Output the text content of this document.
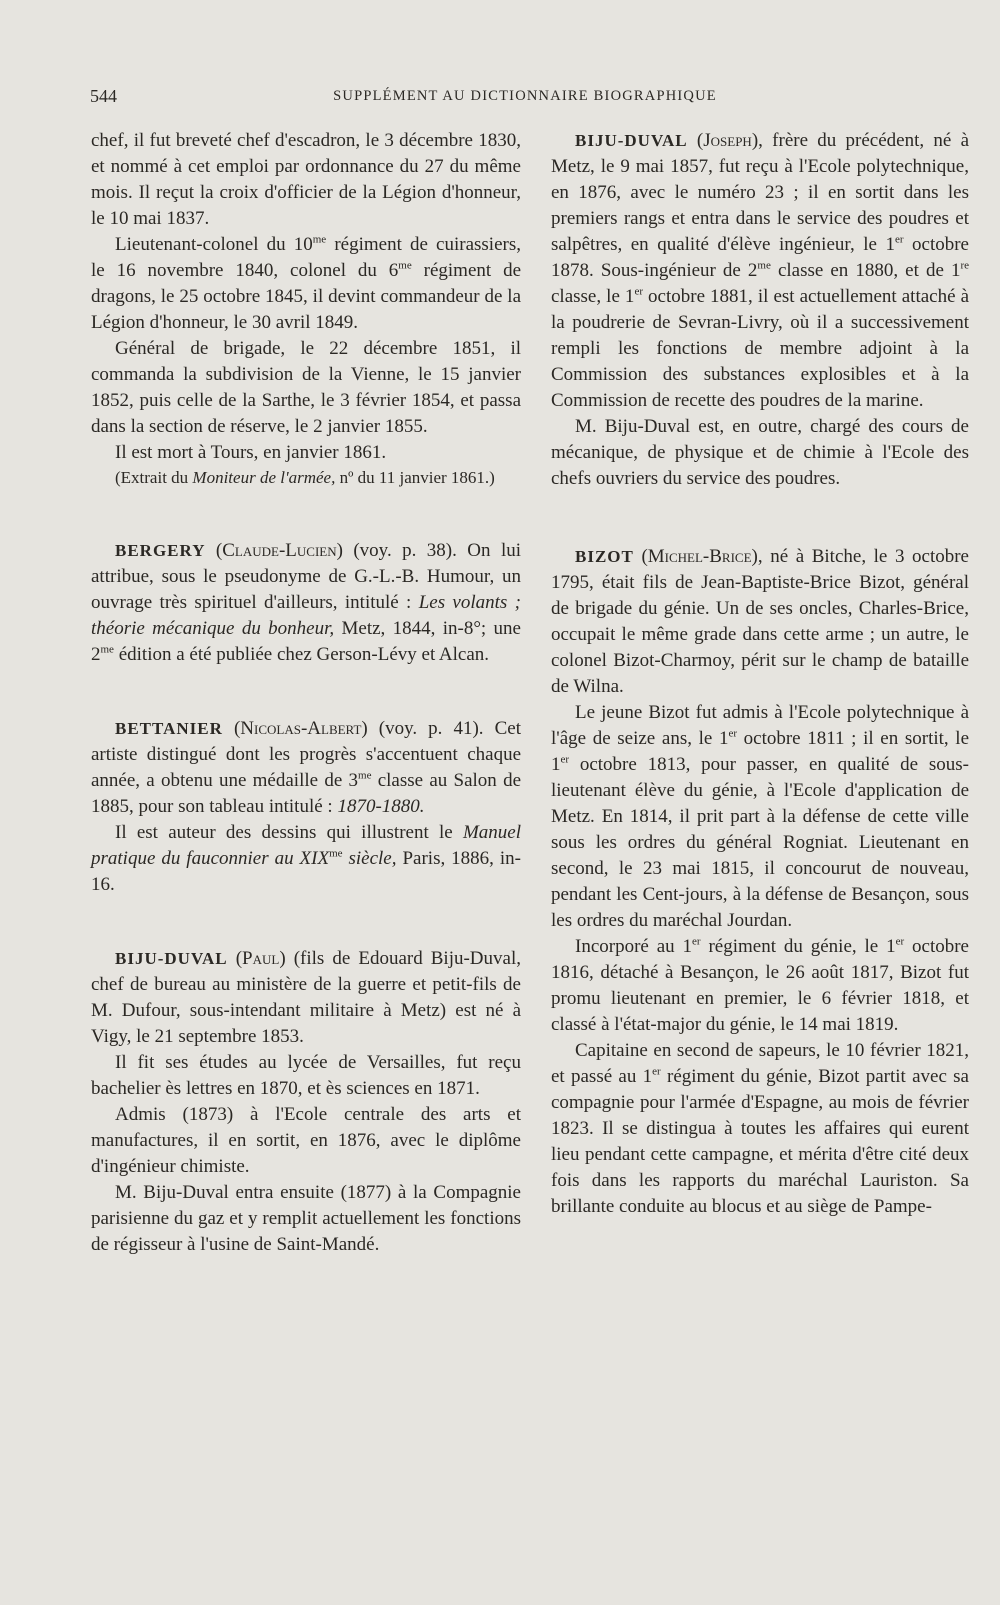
544	SUPPLÉMENT AU DICTIONNAIRE BIOGRAPHIQUE

chef, il fut breveté chef d'escadron, le 3 décembre 1830, et nommé à cet emploi par ordonnance du 27 du même mois. Il reçut la croix d'officier de la Légion d'honneur, le 10 mai 1837.

Lieutenant-colonel du $10^{me}$ régiment de cuirassiers, le 16 novembre 1840, colonel du $6^{me}$ régiment de dragons, le 25 octobre 1845, il devint commandeur de la Légion d'honneur, le 30 avril 1849.

Général de brigade, le 22 décembre 1851, il commanda la subdivision de la Vienne, le 15 janvier 1852, puis celle de la Sarthe, le 3 février 1854, et passa dans la section de réserve, le 2 janvier 1855.

Il est mort à Tours, en janvier 1861.

(Extrait du Moniteur de l'armée, nº du 11 janvier 1861.)

BERGERY (Claude-Lucien) (voy. p. 38). On lui attribue, sous le pseudonyme de G.-L.-B. Humour, un ouvrage très spirituel d'ailleurs, intitulé : Les volants ; théorie mécanique du bonheur, Metz, 1844, in-8°; une $2^{me}$ édition a été publiée chez Gerson-Lévy et Alcan.

BETTANIER (Nicolas-Albert) (voy. p. 41). Cet artiste distingué dont les progrès s'accentuent chaque année, a obtenu une médaille de $3^{me}$ classe au Salon de 1885, pour son tableau intitulé : 1870-1880.

Il est auteur des dessins qui illustrent le Manuel pratique du fauconnier au $XIX^{me}$ siècle, Paris, 1886, in-16.

BIJU-DUVAL (Paul) (fils de Edouard Biju-Duval, chef de bureau au ministère de la guerre et petit-fils de M. Dufour, sous-intendant militaire à Metz) est né à Vigy, le 21 septembre 1853.

Il fit ses études au lycée de Versailles, fut reçu bachelier ès lettres en 1870, et ès sciences en 1871.

Admis (1873) à l'Ecole centrale des arts et manufactures, il en sortit, en 1876, avec le diplôme d'ingénieur chimiste.

M. Biju-Duval entra ensuite (1877) à la Compagnie parisienne du gaz et y remplit actuellement les fonctions de régisseur à l'usine de Saint-Mandé.

BIJU-DUVAL (Joseph), frère du précédent, né à Metz, le 9 mai 1857, fut reçu à l'Ecole polytechnique, en 1876, avec le numéro 23 ; il en sortit dans les premiers rangs et entra dans le service des poudres et salpêtres, en qualité d'élève ingénieur, le 1er octobre 1878. Sous-ingénieur de $2^{me}$ classe en 1880, et de 1re classe, le 1er octobre 1881, il est actuellement attaché à la poudrerie de Sevran-Livry, où il a successivement rempli les fonctions de membre adjoint à la Commission des substances explosibles et à la Commission de recette des poudres de la marine.

M. Biju-Duval est, en outre, chargé des cours de mécanique, de physique et de chimie à l'Ecole des chefs ouvriers du service des poudres.

BIZOT (Michel-Brice), né à Bitche, le 3 octobre 1795, était fils de Jean-Baptiste-Brice Bizot, général de brigade du génie. Un de ses oncles, Charles-Brice, occupait le même grade dans cette arme ; un autre, le colonel Bizot-Charmoy, périt sur le champ de bataille de Wilna.

Le jeune Bizot fut admis à l'Ecole polytechnique à l'âge de seize ans, le 1er octobre 1811 ; il en sortit, le 1er octobre 1813, pour passer, en qualité de sous-lieutenant élève du génie, à l'Ecole d'application de Metz. En 1814, il prit part à la défense de cette ville sous les ordres du général Rogniat. Lieutenant en second, le 23 mai 1815, il concourut de nouveau, pendant les Cent-jours, à la défense de Besançon, sous les ordres du maréchal Jourdan.

Incorporé au 1er régiment du génie, le 1er octobre 1816, détaché à Besançon, le 26 août 1817, Bizot fut promu lieutenant en premier, le 6 février 1818, et classé à l'état-major du génie, le 14 mai 1819.

Capitaine en second de sapeurs, le 10 février 1821, et passé au 1er régiment du génie, Bizot partit avec sa compagnie pour l'armée d'Espagne, au mois de février 1823. Il se distingua à toutes les affaires qui eurent lieu pendant cette campagne, et mérita d'être cité deux fois dans les rapports du maréchal Lauriston. Sa brillante conduite au blocus et au siège de Pampe-
